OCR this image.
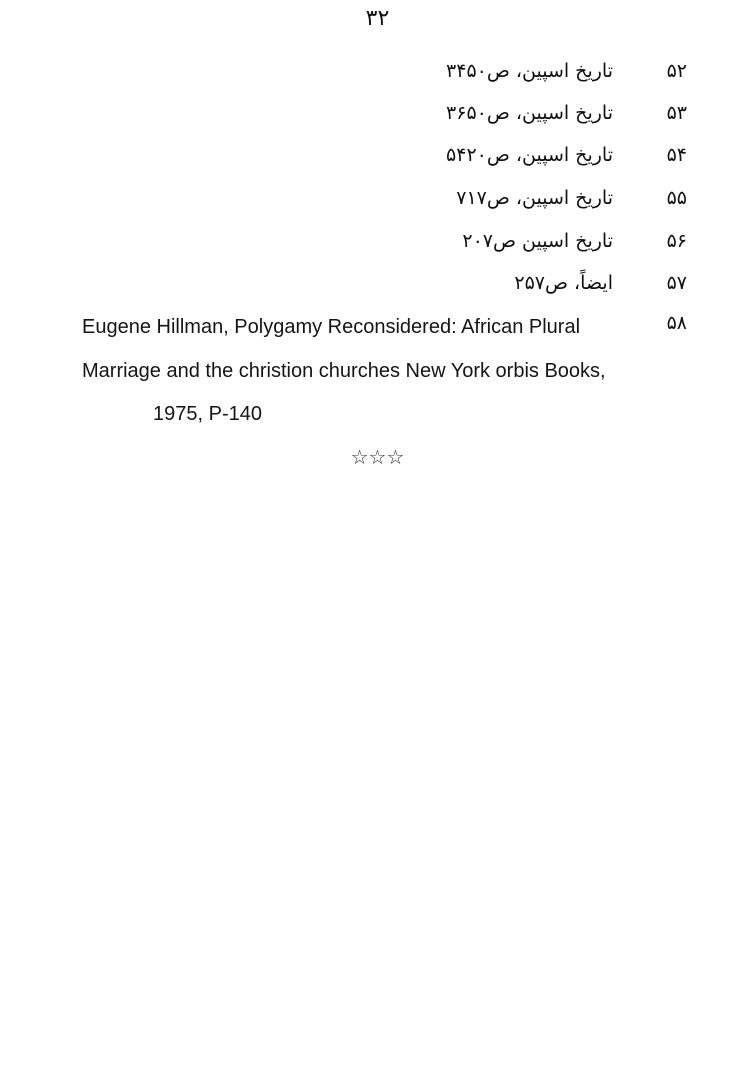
۳۲
۵۲
تاریخ اسپین، ص۳۴۵۰
۵۳
تاریخ اسپین، ص۳۶۵۰
۵۴
تاریخ اسپین، ص۵۴۲۰
۵۵
تاریخ اسپین، ص۷۱۷
۵۶
تاریخ اسپین ص۲۰۷
۵۷
ایضاً، ص۲۵۷
۵۸
Eugene Hillman, Polygamy Reconsidered: African Plural
Marriage and the christion churches New York orbis Books,
1975, P-140
☆☆☆
